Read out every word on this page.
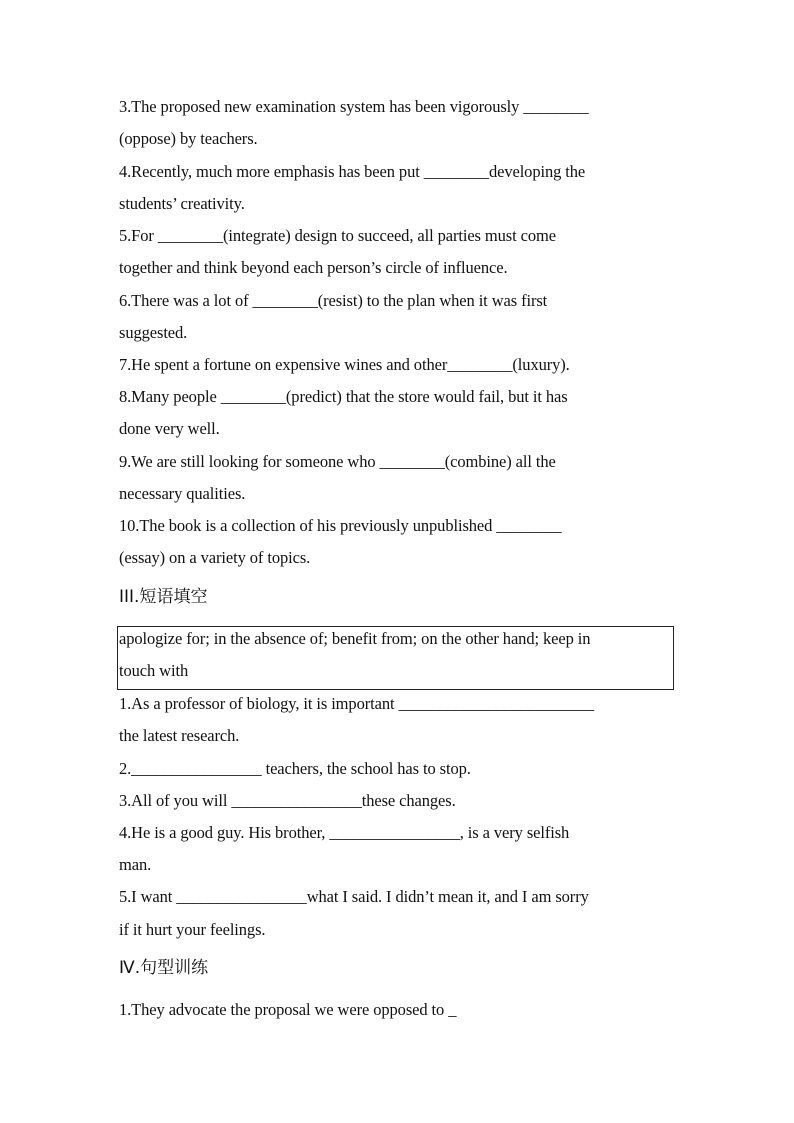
3.The proposed new examination system has been vigorously ________
(oppose) by teachers.
4.Recently, much more emphasis has been put ________developing the
students’ creativity.
5.For ________(integrate) design to succeed, all parties must come
together and think beyond each person’s circle of influence.
6.There was a lot of ________(resist) to the plan when it was first
suggested.
7.He spent a fortune on expensive wines and other________(luxury).
8.Many people ________(predict) that the store would fail, but it has
done very well.
9.We are still looking for someone who ________(combine) all the
necessary qualities.
10.The book is a collection of his previously unpublished ________
(essay) on a variety of topics.
III.短语填空
apologize for; in the absence of; benefit from; on the other hand; keep in
touch with
1.As a professor of biology, it is important ________________________
the latest research.
2.________________ teachers, the school has to stop.
3.All of you will ________________these changes.
4.He is a good guy. His brother, ________________, is a very selfish
man.
5.I want ________________what I said. I didn’t mean it, and I am sorry
if it hurt your feelings.
Ⅳ.句型训练
1.They advocate the proposal we were opposed to _
